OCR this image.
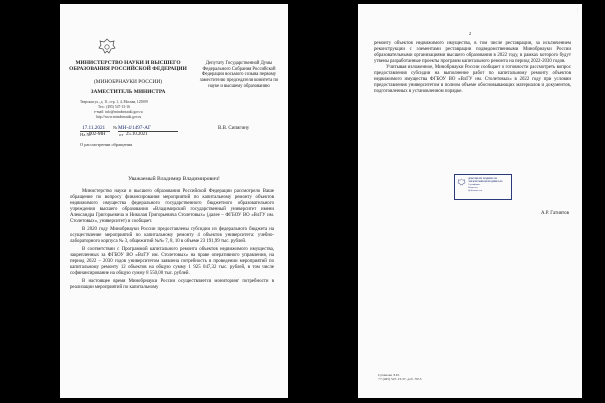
МИНИСТЕРСТВО НАУКИ И ВЫСШЕГО ОБРАЗОВАНИЯ РОССИЙСКОЙ ФЕДЕРАЦИИ
(МИНОБРНАУКИ РОССИИ)
ЗАМЕСТИТЕЛЬ МИНИСТРА
Тверская ул., д. 11, стр. 1, 4, Москва, 125009
Тел.: (495) 547-13-16
e-mail: info@minobrnauki.gov.ru
http://www.minobrnauki.gov.ru
17.11.2021 № МН-4/1497-АГ
На №
002-МН	от 25.10.2021
О рассмотрении обращения
Депутату Государственной Думы Федерального Собрания Российской Федерации восьмого созыва первому заместителю председателя комитета по науке и высшему образованию
В.В. Сипягину
Уважаемый Владимир Владимирович!

Министерство науки и высшего образования Российской Федерации рассмотрело Ваше обращение по вопросу финансирования мероприятий по капитальному ремонту объектов недвижимого имущества федерального государственного бюджетного образовательного учреждения высшего образования «Владимирский государственный университет имени Александра Григорьевича и Николая Григорьевича Столетовых» (далее – ФГБОУ ВО «ВлГУ им. Столетовых», университет) и сообщает.

В 2020 году Минобрнауки России предоставлены субсидии из федерального бюджета на осуществление мероприятий по капитальному ремонту 4 объектов университета: учебно-лабораторного корпуса № 3, общежитий №№ 7, 8, 10 в объеме 23 191,99 тыс. рублей.

В соответствии с Программой капитального ремонта объектов недвижимого имущества, закрепленных за ФГБОУ ВО «ВлГУ им. Столетовых» на праве оперативного управления, на период 2022 – 2030 годов университетом заявлена потребность в проведении мероприятий по капитальному ремонту 12 объектов на общую сумму 1 925 047,32 тыс. рублей, в том числе софинансирование на общую сумму 8 550,00 тыс. рублей.

В настоящее время Минобрнауки России осуществляется мониторинг потребности в реализации мероприятий по капитальному

⋮
2

ремонту объектов недвижимого имущества, в том числе реставрации, за исключением реконструкции с элементами реставрации подведомственными Минобрнауки России образовательными организациями высшего образования в 2022 году, в рамках которого будут утвены разработанные проекты программ капитального ремонта на период 2022-2030 годов.

Учитывая изложенное, Минобрнауки России сообщает о готовности рассмотреть вопрос предоставления субсидии на выполнение работ по капитальному ремонту объектов недвижимого имущества ФГБОУ ВО «ВлГУ им. Столетовых» в 2022 году при условии предоставления университетом в полном объеме обосновывающих материалов и документов, подготовленных в установленном порядке.

ДОКУМЕНТ ПОДПИСАН
ЭЛЕКТРОННОЙ ПОДПИСЬЮ
Сертификат
Владелец
Действителен
А.Р. Гатиятов
Суханова Э.И.
+7 (495) 547-13-37, доб. 7015
